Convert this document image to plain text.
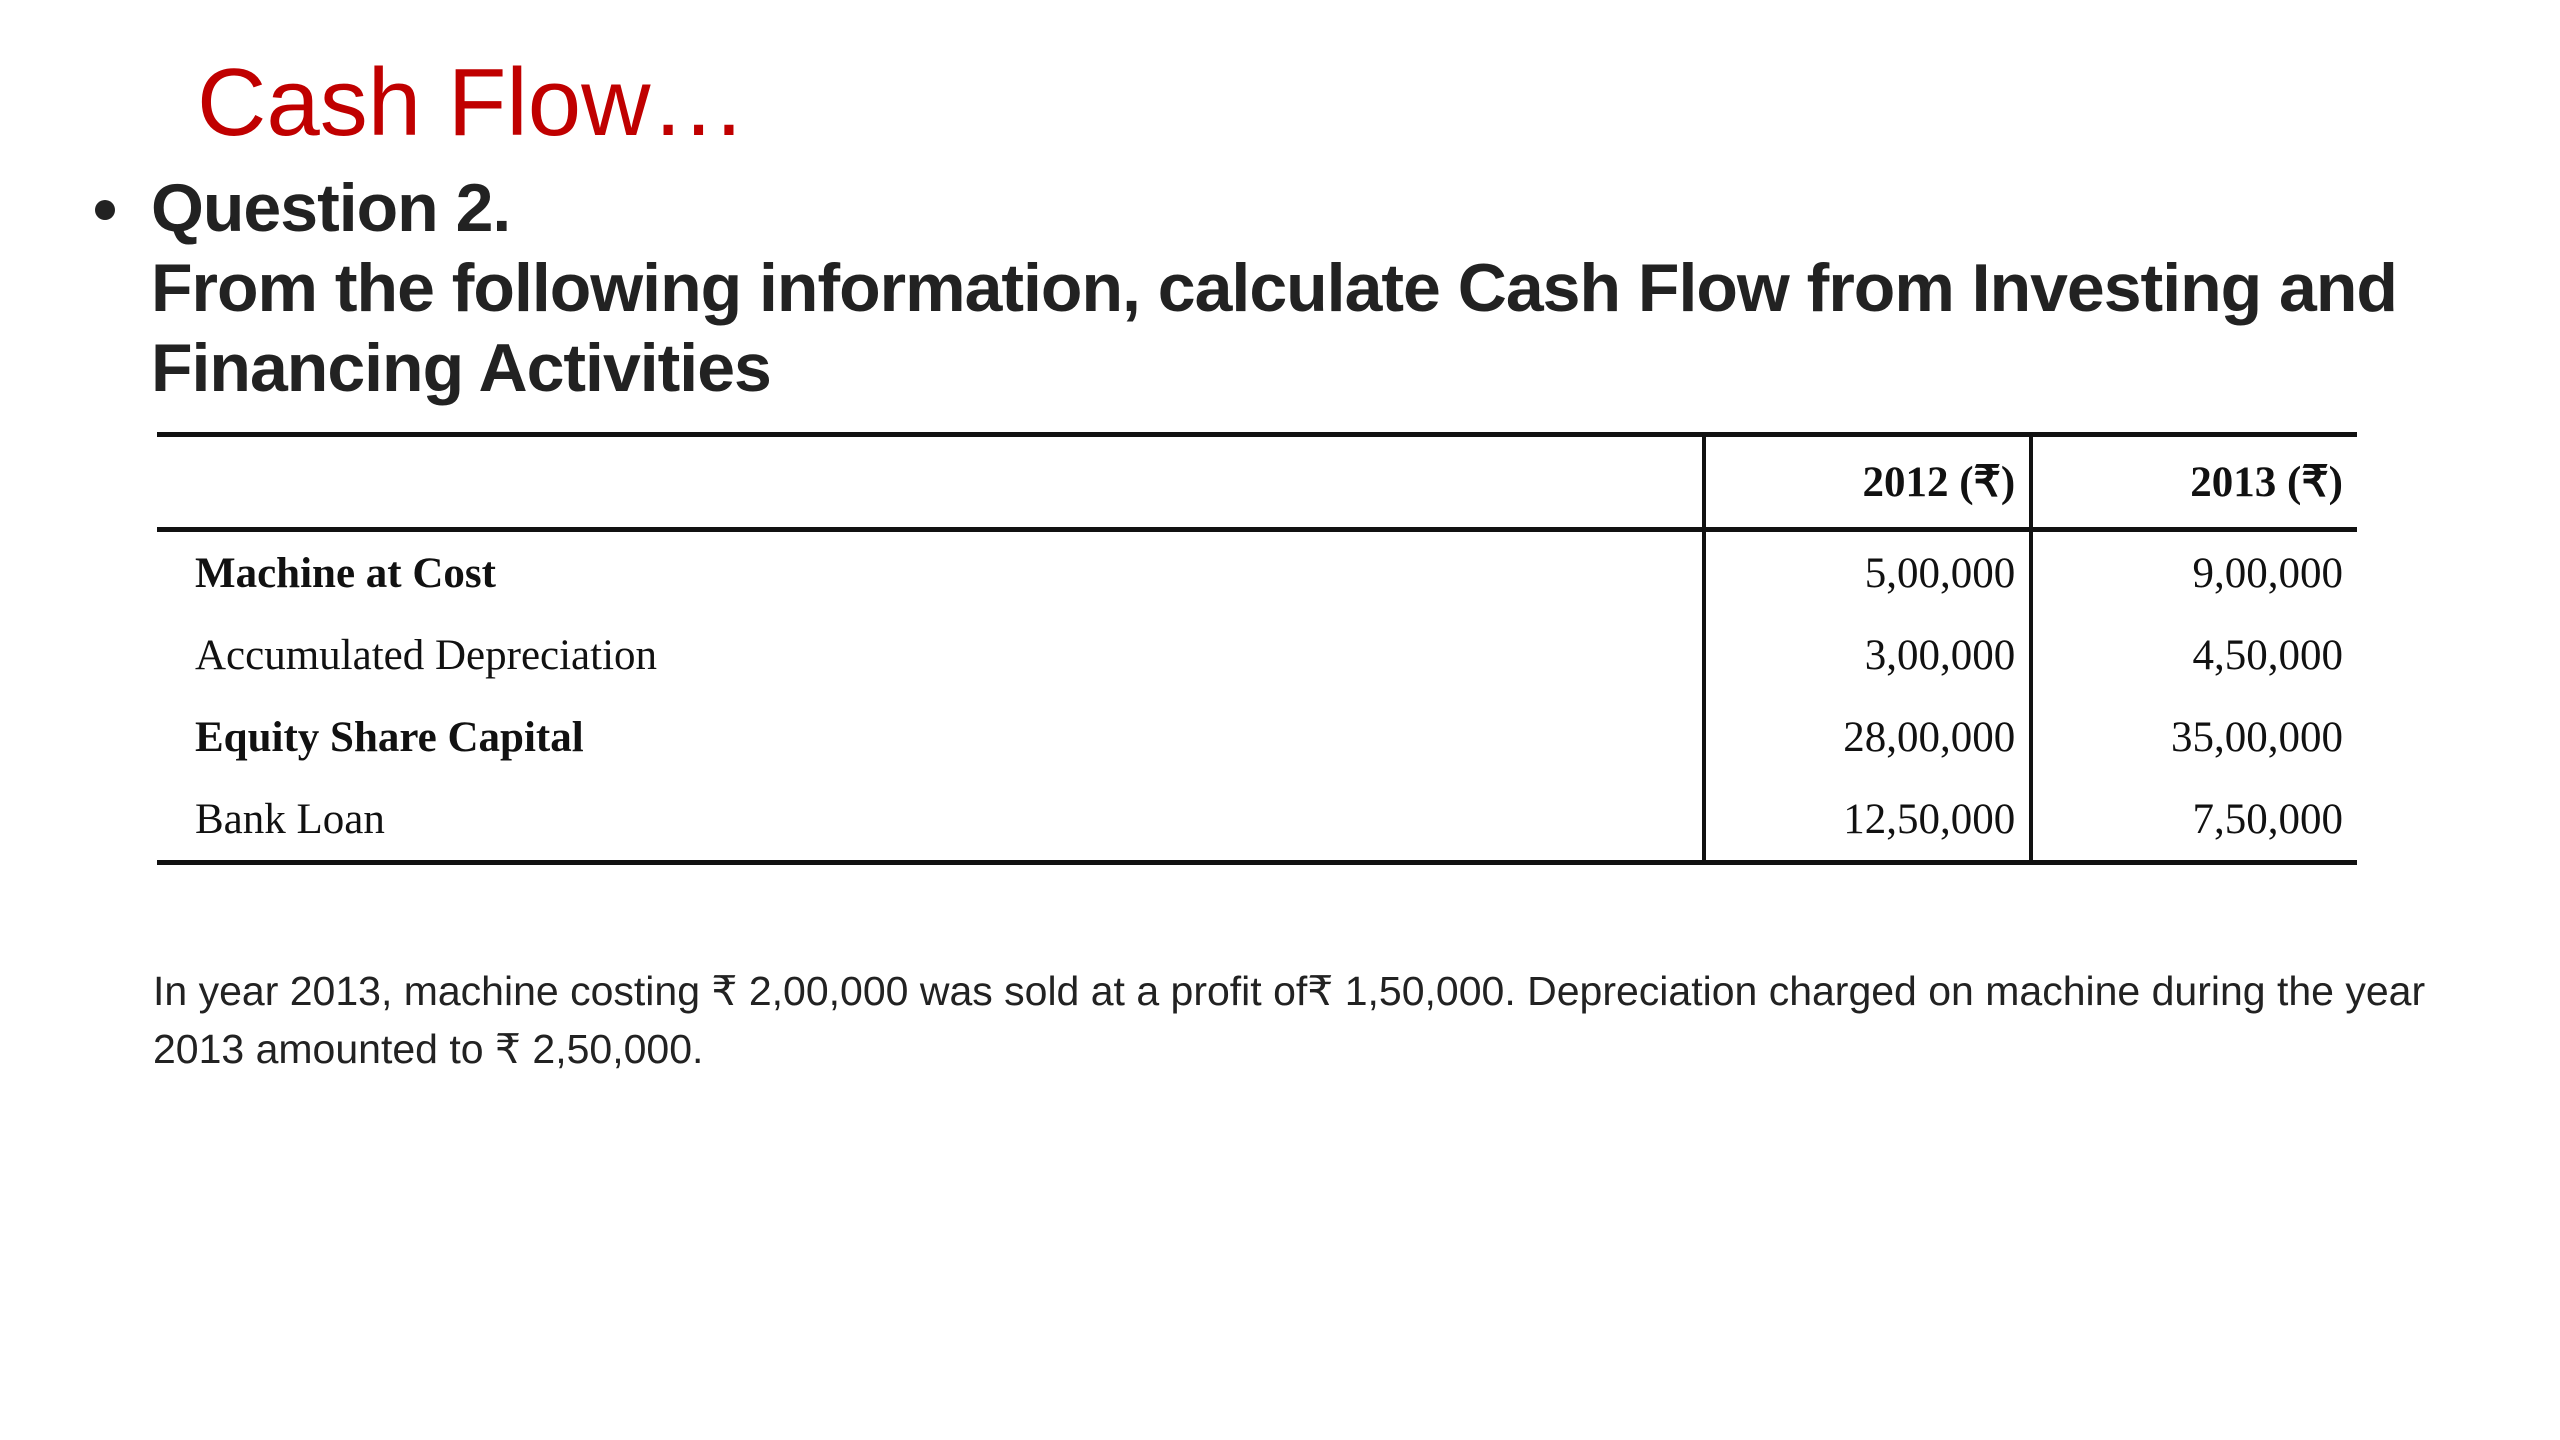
Cash Flow…
Question 2.
From the following information, calculate Cash Flow from Investing and Financing Activities
	2012 (₹)	2013 (₹)
Machine at Cost	5,00,000	9,00,000
Accumulated Depreciation	3,00,000	4,50,000
Equity Share Capital	28,00,000	35,00,000
Bank Loan	12,50,000	7,50,000
In year 2013, machine costing ₹ 2,00,000 was sold at a profit of₹ 1,50,000. Depreciation charged on machine during the year 2013 amounted to ₹ 2,50,000.
